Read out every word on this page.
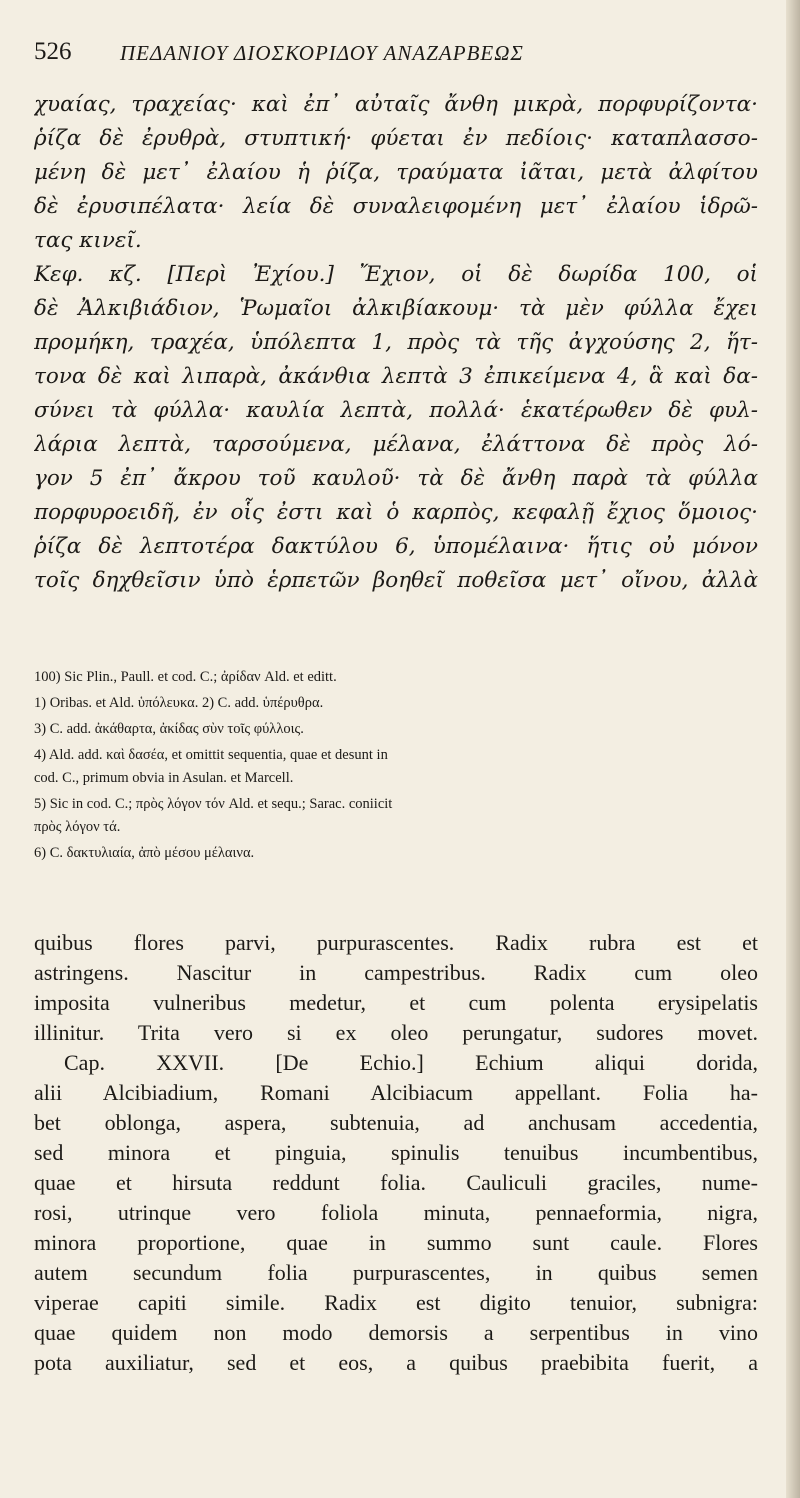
526 ΠΕΔΑΝΙΟΥ ΔΙΟΣΚΟΡΙΔΟΥ ΑΝΑΖΑΡΒΕΩΣ
χυαίας, τραχείας· καὶ ἐπ᾽ αὐταῖς ἄνθη μικρὰ, πορφυρίζοντα·
ῥίζα δὲ ἐρυθρὰ, στυπτική· φύεται ἐν πεδίοις· καταπλασσο-
μένη δὲ μετ᾽ ἐλαίου ἡ ῥίζα, τραύματα ἰᾶται, μετὰ ἀλφίτου
δὲ ἐρυσιπέλατα· λεία δὲ συναλειφομένη μετ᾽ ἐλαίου ἱδρῶ-
τας κινεῖ.
Κεφ. κζ. [Περὶ Ἐχίου.] Ἔχιον, οἱ δὲ δωρίδα 100, οἱ
δὲ Ἀλκιβιάδιον, Ῥωμαῖοι ἀλκιβίακουμ· τὰ μὲν φύλλα ἔχει
προμήκη, τραχέα, ὑπόλεπτα 1, πρὸς τὰ τῆς ἀγχούσης 2, ἥτ-
τονα δὲ καὶ λιπαρὰ, ἀκάνθια λεπτὰ 3 ἐπικείμενα 4, ἃ καὶ δα-
σύνει τὰ φύλλα· καυλία λεπτὰ, πολλά· ἑκατέρωθεν δὲ φυλ-
λάρια λεπτὰ, ταρσούμενα, μέλανα, ἐλάττονα δὲ πρὸς λό-
γον 5 ἐπ᾽ ἄκρου τοῦ καυλοῦ· τὰ δὲ ἄνθη παρὰ τὰ φύλλα
πορφυροειδῆ, ἐν οἷς ἐστι καὶ ὁ καρπὸς, κεφαλῇ ἔχιος ὅμοιος·
ῥίζα δὲ λεπτοτέρα δακτύλου 6, ὑπομέλαινα· ἥτις οὐ μόνον
τοῖς δηχθεῖσιν ὑπὸ ἑρπετῶν βοηθεῖ ποθεῖσα μετ᾽ οἴνου, ἀλλὰ
100) Sic Plin., Paull. et cod. C.; ἀρίδαν Ald. et editt.
1) Oribas. et Ald. ὑπόλευκα. 2) C. add. ὑπέρυθρα.
3) C. add. ἀκάθαρτα, ἀκίδας σὺν τοῖς φύλλοις.
4) Ald. add. καὶ δασέα, et omittit sequentia, quae et desunt in
cod. C., primum obvia in Asulan. et Marcell.
5) Sic in cod. C.; πρὸς λόγον τόν Ald. et sequ.; Sarac. coniicit
πρὸς λόγον τά.
6) C. δακτυλιαία, ἀπὸ μέσου μέλαινα.
quibus flores parvi, purpurascentes. Radix rubra est et
astringens. Nascitur in campestribus. Radix cum oleo
imposita vulneribus medetur, et cum polenta erysipelatis
illinitur. Trita vero si ex oleo perungatur, sudores movet.
Cap. XXVII. [De Echio.] Echium aliqui dorida,
alii Alcibiadium, Romani Alcibiacum appellant. Folia ha-
bet oblonga, aspera, subtenuia, ad anchusam accedentia,
sed minora et pinguia, spinulis tenuibus incumbentibus,
quae et hirsuta reddunt folia. Cauliculi graciles, nume-
rosi, utrinque vero foliola minuta, pennaeformia, nigra,
minora proportione, quae in summo sunt caule. Flores
autem secundum folia purpurascentes, in quibus semen
viperae capiti simile. Radix est digito tenuior, subnigra:
quae quidem non modo demorsis a serpentibus in vino
pota auxiliatur, sed et eos, a quibus praebibita fuerit, a
